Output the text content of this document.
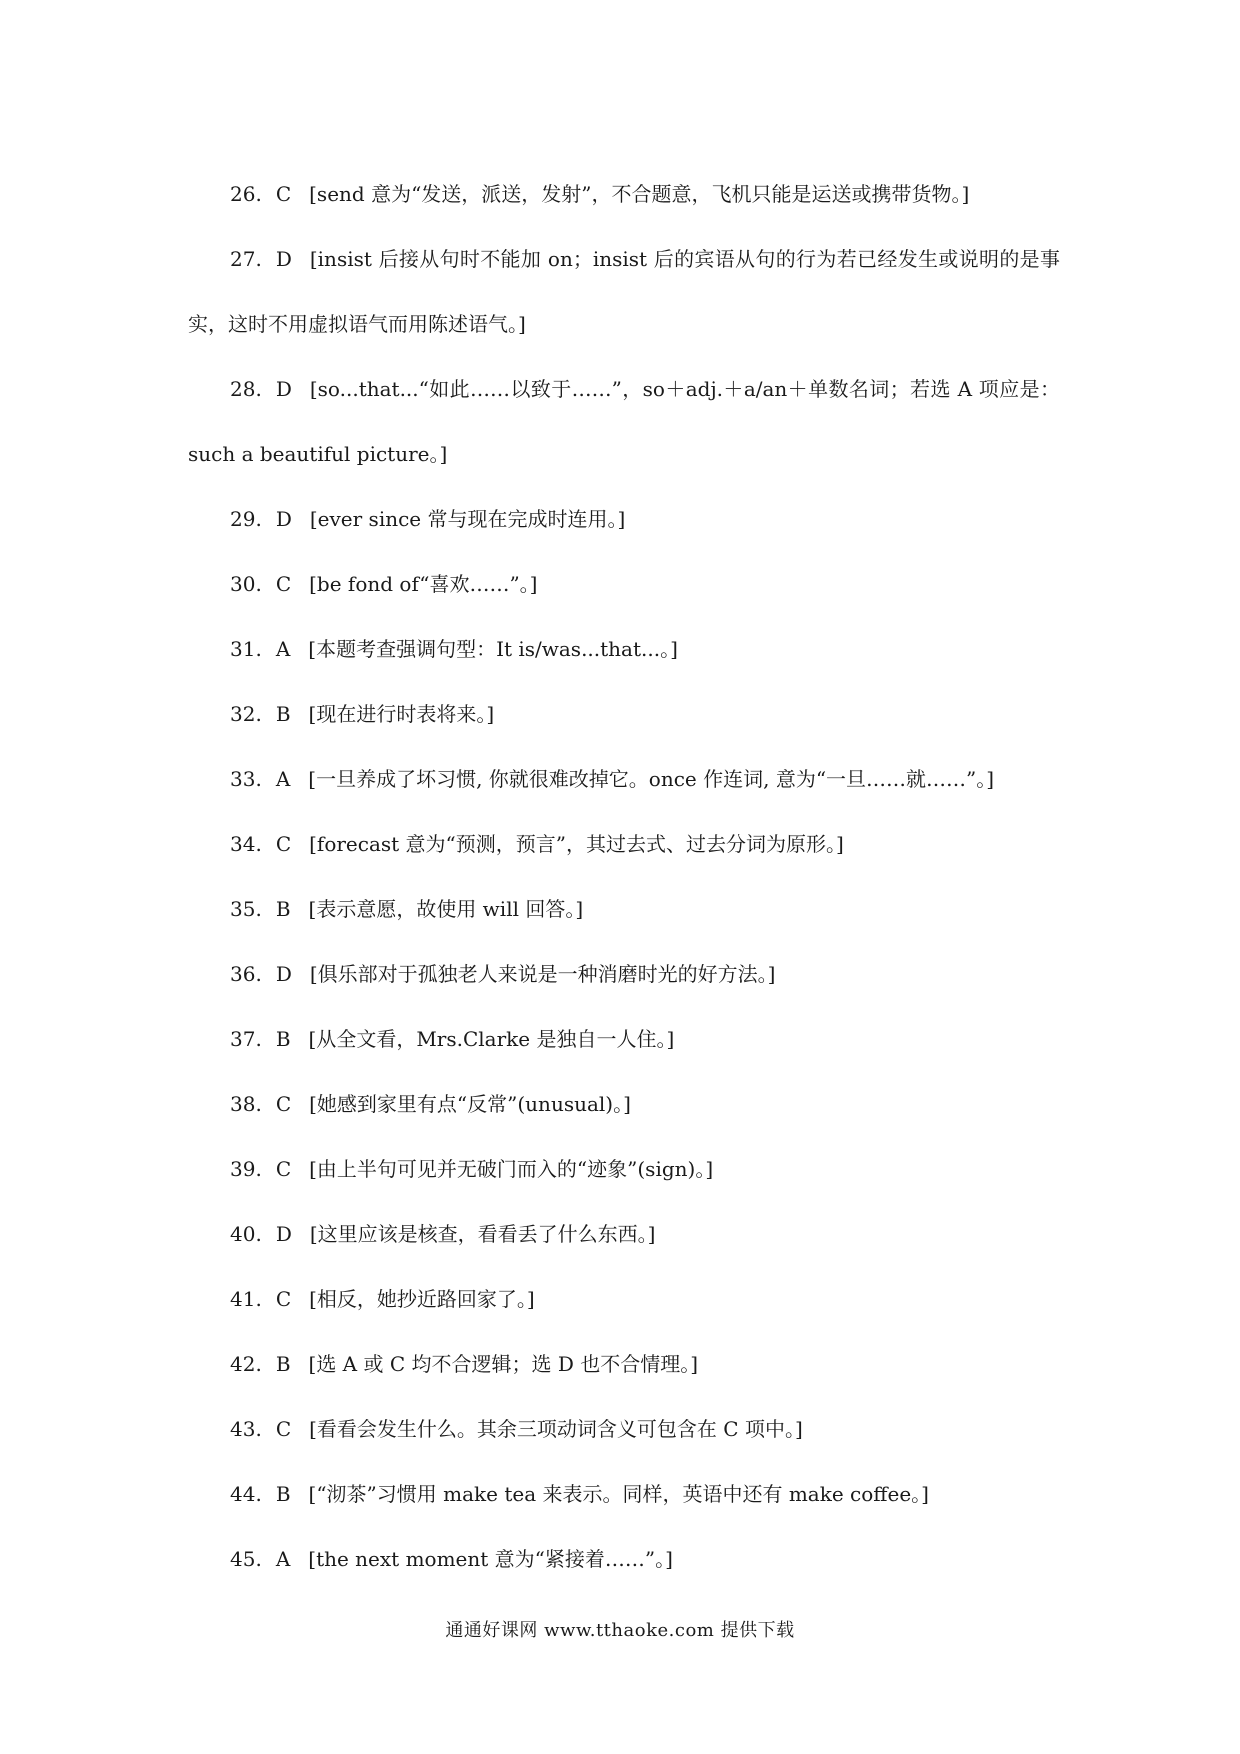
26. C [send 意为“发送，派送，发射”，不合题意，飞机只能是运送或携带货物。]
27. D [insist 后接从句时不能加 on；insist 后的宾语从句的行为若已经发生或说明的是事实，这时不用虚拟语气而用陈述语气。]
28. D [so...that...“如此……以致于……”，so＋adj.＋a/an＋单数名词；若选 A 项应是：such a beautiful picture。]
29. D [ever since 常与现在完成时连用。]
30. C [be fond of“喜欢……”。]
31. A [本题考查强调句型：It is/was...that...。]
32. B [现在进行时表将来。]
33. A [一旦养成了坏习惯, 你就很难改掉它。once 作连词, 意为“一旦……就……”。]
34. C [forecast 意为“预测，预言”，其过去式、过去分词为原形。]
35. B [表示意愿，故使用 will 回答。]
36. D [俱乐部对于孤独老人来说是一种消磨时光的好方法。]
37. B [从全文看，Mrs.Clarke 是独自一人住。]
38. C [她感到家里有点“反常”(unusual)。]
39. C [由上半句可见并无破门而入的“迹象”(sign)。]
40. D [这里应该是核查，看看丢了什么东西。]
41. C [相反，她抄近路回家了。]
42. B [选 A 或 C 均不合逻辑；选 D 也不合情理。]
43. C [看看会发生什么。其余三项动词含义可包含在 C 项中。]
44. B [“沏茶”习惯用 make tea 来表示。同样，英语中还有 make coffee。]
45. A [the next moment 意为“紧接着……”。]
通通好课网 www.tthaoke.com 提供下载
